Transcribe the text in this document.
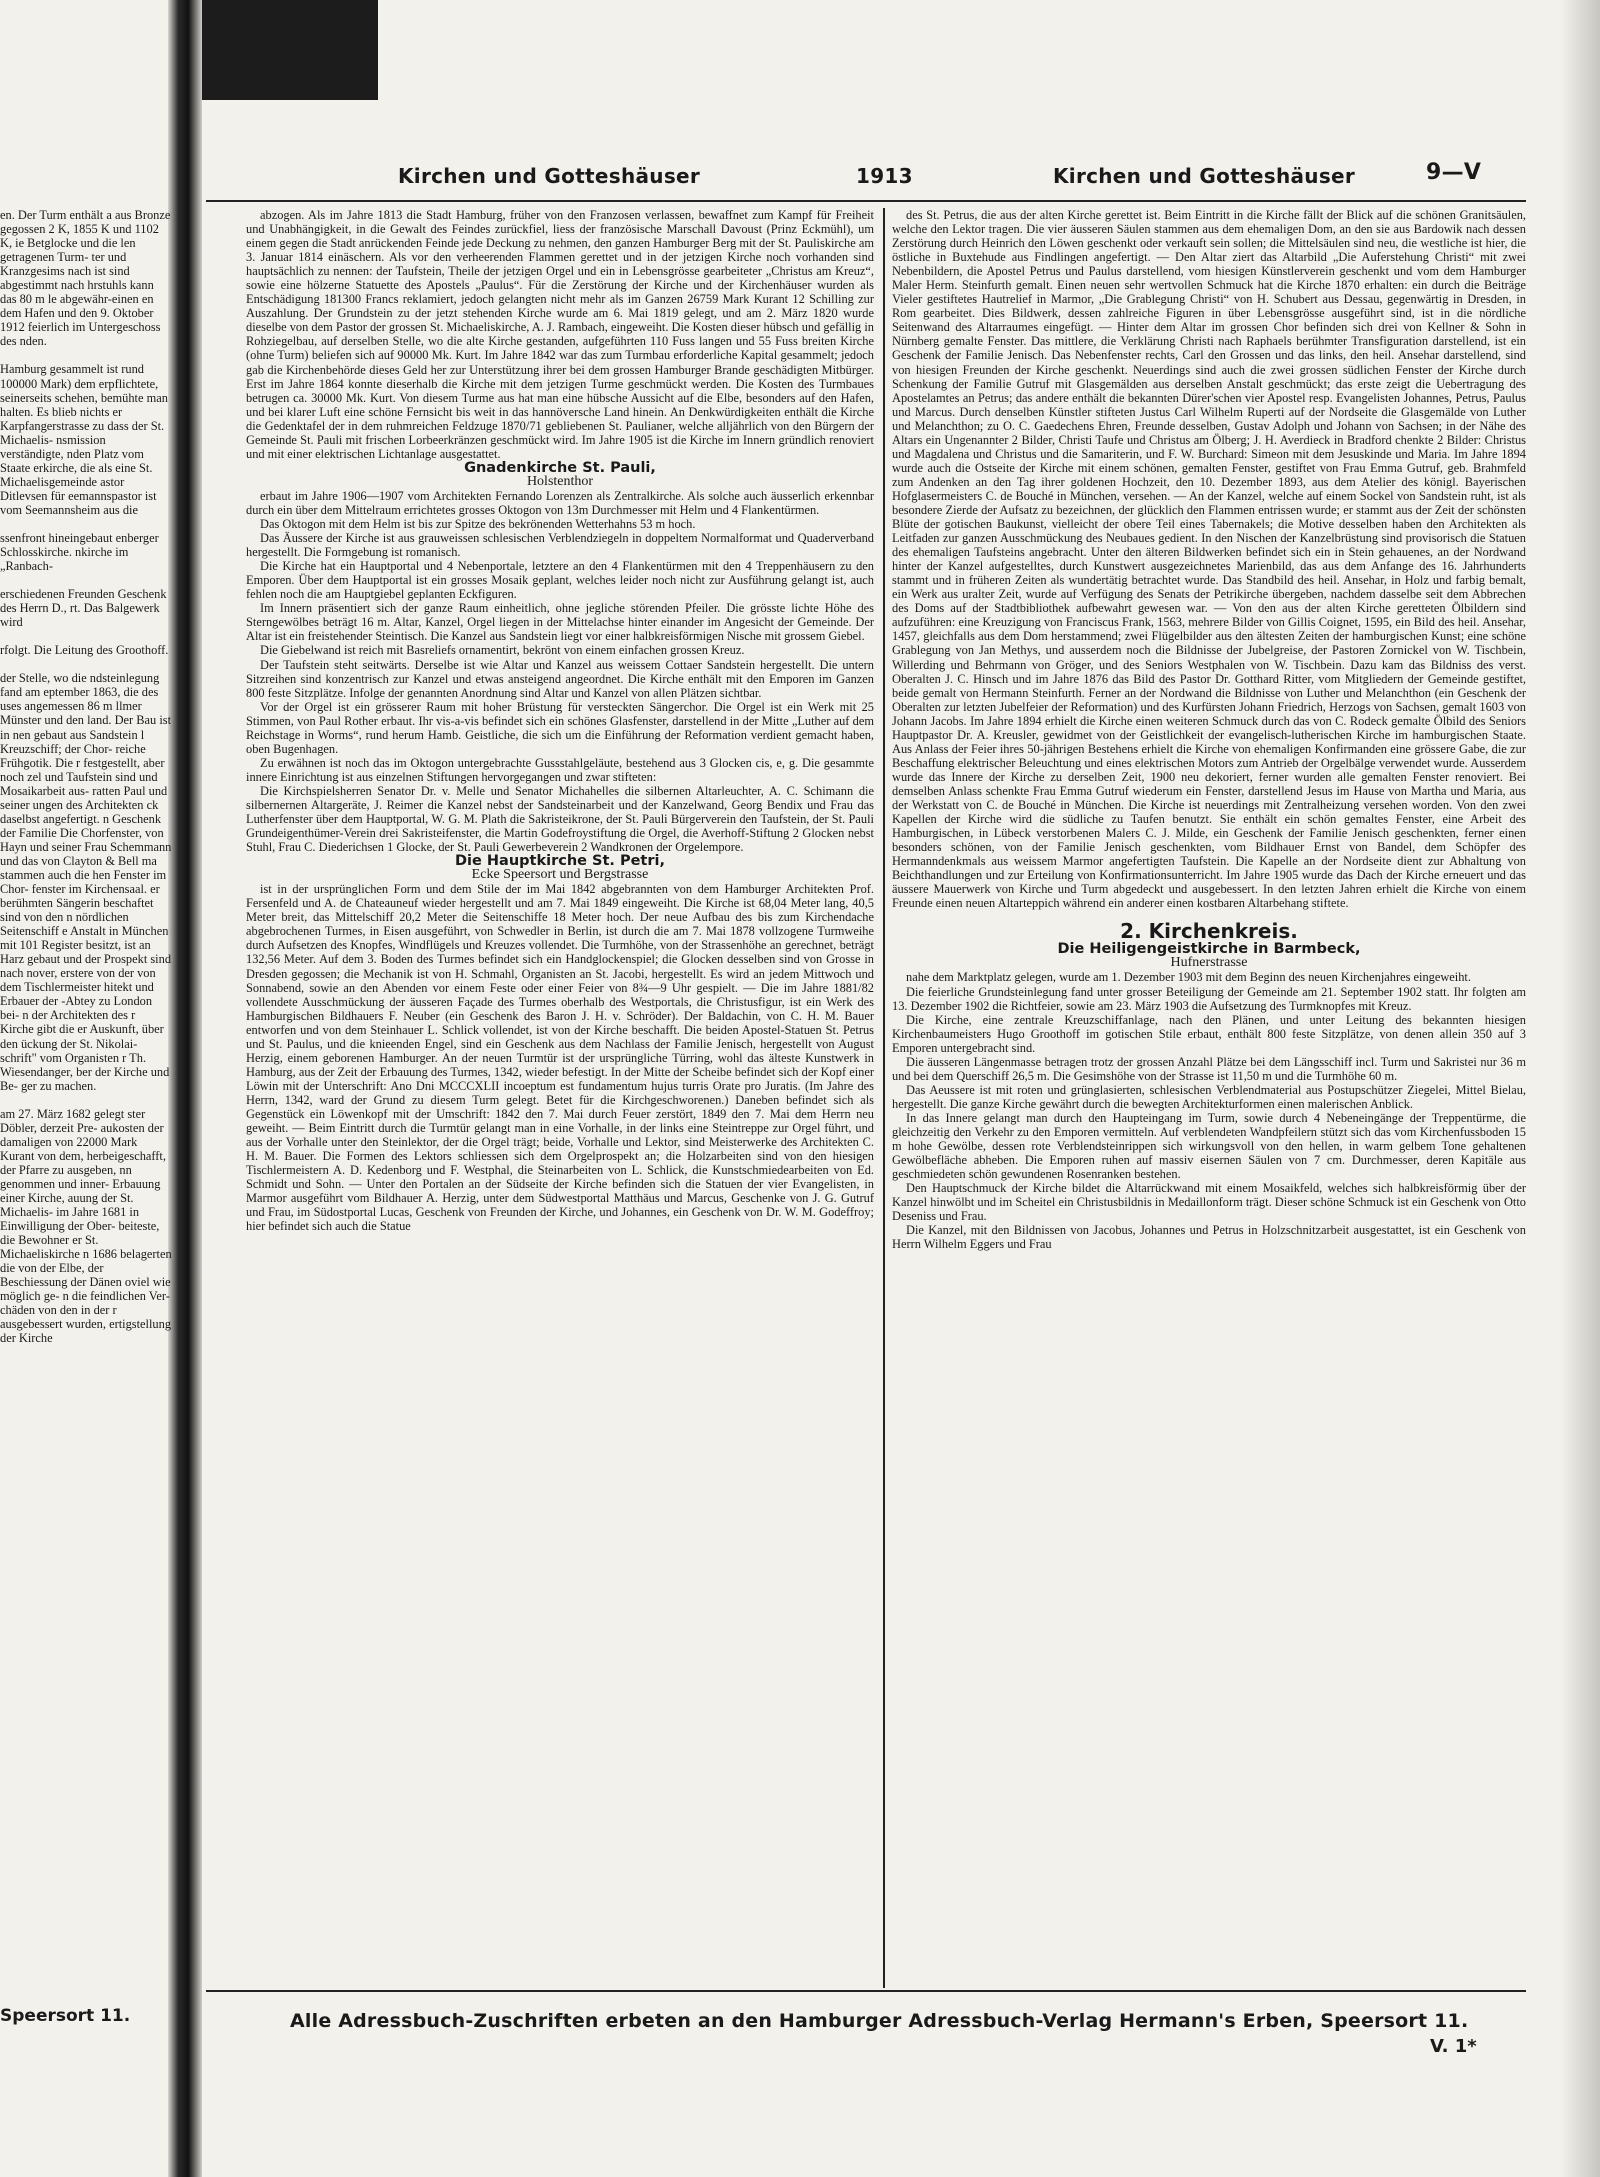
en. Der Turm enthält a aus Bronze gegossen 2 K, 1855 K und 1102 K, ie Betglocke und die len getragenen Turm- ter und Kranzgesims nach ist sind abgestimmt nach hrstuhls kann das 80 m le abgewähr-einen en dem Hafen und den 9. Oktober 1912 feierlich im Untergeschoss des nden.

Hamburg gesammelt ist rund 100000 Mark) dem erpflichtete, seinerseits schehen, bemühte man halten. Es blieb nichts er Karpfangerstrasse zu dass der St. Michaelis- nsmission verständigte, nden Platz vom Staate erkirche, die als eine St. Michaelisgemeinde astor Ditlevsen für eemannspastor ist vom Seemannsheim aus die

ssenfront hineingebaut enberger Schlosskirche. nkirche im „Ranbach-

erschiedenen Freunden Geschenk des Herrn D., rt. Das Balgewerk wird

rfolgt. Die Leitung des Groothoff.

der Stelle, wo die ndsteinlegung fand am eptember 1863, die des uses angemessen 86 m llmer Münster und den land. Der Bau ist in nen gebaut aus Sandstein l Kreuzschiff; der Chor- reiche Frühgotik. Die r festgestellt, aber noch zel und Taufstein sind und Mosaikarbeit aus- ratten Paul und seiner ungen des Architekten ck daselbst angefertigt. n Geschenk der Familie Die Chorfenster, von Hayn und seiner Frau Schemmann und das von Clayton & Bell ma stammen auch die hen Fenster im Chor- fenster im Kirchensaal. er berühmten Sängerin beschaftet sind von den n nördlichen Seitenschiff e Anstalt in München mit 101 Register besitzt, ist an Harz gebaut und der Prospekt sind nach nover, erstere von der von dem Tischlermeister hitekt und Erbauer der -Abtey zu London bei- n der Architekten des r Kirche gibt die er Auskunft, über den ückung der St. Nikolai- schrift" vom Organisten r Th. Wiesendanger, ber der Kirche und Be- ger zu machen.

am 27. März 1682 gelegt ster Döbler, derzeit Pre- aukosten der damaligen von 22000 Mark Kurant von dem, herbeigeschafft, der Pfarre zu ausgeben, nn genommen und inner- Erbauung einer Kirche, auung der St. Michaelis- im Jahre 1681 in Einwilligung der Ober- beiteste, die Bewohner er St. Michaeliskirche n 1686 belagerten die von der Elbe, der Beschiessung der Dänen oviel wie möglich ge- n die feindlichen Ver- chäden von den in der r ausgebessert wurden, ertigstellung der Kirche

Speersort 11.
Kirchen und Gotteshäuser	1913	Kirchen und Gotteshäuser	9—V

abzogen. Als im Jahre 1813 die Stadt Hamburg, früher von den Franzosen verlassen, bewaffnet zum Kampf für Freiheit und Unabhängigkeit, in die Gewalt des Feindes zurückfiel, liess der französische Marschall Davoust (Prinz Eckmühl), um einem gegen die Stadt anrückenden Feinde jede Deckung zu nehmen, den ganzen Hamburger Berg mit der St. Pauliskirche am 3. Januar 1814 einäschern. Als vor den verheerenden Flammen gerettet und in der jetzigen Kirche noch vorhanden sind hauptsächlich zu nennen: der Taufstein, Theile der jetzigen Orgel und ein in Lebensgrösse gearbeiteter „Christus am Kreuz“, sowie eine hölzerne Statuette des Apostels „Paulus“. Für die Zerstörung der Kirche und der Kirchenhäuser wurden als Entschädigung 181300 Francs reklamiert, jedoch gelangten nicht mehr als im Ganzen 26759 Mark Kurant 12 Schilling zur Auszahlung. Der Grundstein zu der jetzt stehenden Kirche wurde am 6. Mai 1819 gelegt, und am 2. März 1820 wurde dieselbe von dem Pastor der grossen St. Michaeliskirche, A. J. Rambach, eingeweiht. Die Kosten dieser hübsch und gefällig in Rohziegelbau, auf derselben Stelle, wo die alte Kirche gestanden, aufgeführten 110 Fuss langen und 55 Fuss breiten Kirche (ohne Turm) beliefen sich auf 90000 Mk. Kurt. Im Jahre 1842 war das zum Turmbau erforderliche Kapital gesammelt; jedoch gab die Kirchenbehörde dieses Geld her zur Unterstützung ihrer bei dem grossen Hamburger Brande geschädigten Mitbürger. Erst im Jahre 1864 konnte dieserhalb die Kirche mit dem jetzigen Turme geschmückt werden. Die Kosten des Turmbaues betrugen ca. 30000 Mk. Kurt. Von diesem Turme aus hat man eine hübsche Aussicht auf die Elbe, besonders auf den Hafen, und bei klarer Luft eine schöne Fernsicht bis weit in das hannöversche Land hinein. An Denkwürdigkeiten enthält die Kirche die Gedenktafel der in dem ruhmreichen Feldzuge 1870/71 gebliebenen St. Paulianer, welche alljährlich von den Bürgern der Gemeinde St. Pauli mit frischen Lorbeerkränzen geschmückt wird. Im Jahre 1905 ist die Kirche im Innern gründlich renoviert und mit einer elektrischen Lichtanlage ausgestattet.

Gnadenkirche St. Pauli,

Holstenthor

erbaut im Jahre 1906—1907 vom Architekten Fernando Lorenzen als Zentralkirche. Als solche auch äusserlich erkennbar durch ein über dem Mittelraum errichtetes grosses Oktogon von 13m Durchmesser mit Helm und 4 Flankentürmen.

Das Oktogon mit dem Helm ist bis zur Spitze des bekrönenden Wetterhahns 53 m hoch.

Das Äussere der Kirche ist aus grauweissen schlesischen Verblendziegeln in doppeltem Normalformat und Quaderverband hergestellt. Die Formgebung ist romanisch.

Die Kirche hat ein Hauptportal und 4 Nebenportale, letztere an den 4 Flankentürmen mit den 4 Treppenhäusern zu den Emporen. Über dem Hauptportal ist ein grosses Mosaik geplant, welches leider noch nicht zur Ausführung gelangt ist, auch fehlen noch die am Hauptgiebel geplanten Eckfiguren.

Im Innern präsentiert sich der ganze Raum einheitlich, ohne jegliche störenden Pfeiler. Die grösste lichte Höhe des Sterngewölbes beträgt 16 m. Altar, Kanzel, Orgel liegen in der Mittelachse hinter einander im Angesicht der Gemeinde. Der Altar ist ein freistehender Steintisch. Die Kanzel aus Sandstein liegt vor einer halbkreisförmigen Nische mit grossem Giebel.

Die Giebelwand ist reich mit Basreliefs ornamentirt, bekrönt von einem einfachen grossen Kreuz.

Der Taufstein steht seitwärts. Derselbe ist wie Altar und Kanzel aus weissem Cottaer Sandstein hergestellt. Die untern Sitzreihen sind konzentrisch zur Kanzel und etwas ansteigend angeordnet. Die Kirche enthält mit den Emporen im Ganzen 800 feste Sitzplätze. Infolge der genannten Anordnung sind Altar und Kanzel von allen Plätzen sichtbar.

Vor der Orgel ist ein grösserer Raum mit hoher Brüstung für versteckten Sängerchor. Die Orgel ist ein Werk mit 25 Stimmen, von Paul Rother erbaut. Ihr vis-a-vis befindet sich ein schönes Glasfenster, darstellend in der Mitte „Luther auf dem Reichstage in Worms“, rund herum Hamb. Geistliche, die sich um die Einführung der Reformation verdient gemacht haben, oben Bugenhagen.

Zu erwähnen ist noch das im Oktogon untergebrachte Gussstahlgeläute, bestehend aus 3 Glocken cis, e, g. Die gesammte innere Einrichtung ist aus einzelnen Stiftungen hervorgegangen und zwar stifteten:

Die Kirchspielsherren Senator Dr. v. Melle und Senator Michahelles die silbernen Altarleuchter, A. C. Schimann die silbernernen Altargeräte, J. Reimer die Kanzel nebst der Sandsteinarbeit und der Kanzelwand, Georg Bendix und Frau das Lutherfenster über dem Hauptportal, W. G. M. Plath die Sakristeikrone, der St. Pauli Bürgerverein den Taufstein, der St. Pauli Grundeigenthümer-Verein drei Sakristeifenster, die Martin Godefroystiftung die Orgel, die Averhoff-Stiftung 2 Glocken nebst Stuhl, Frau C. Diederichsen 1 Glocke, der St. Pauli Gewerbeverein 2 Wandkronen der Orgelempore.

Die Hauptkirche St. Petri,

Ecke Speersort und Bergstrasse

ist in der ursprünglichen Form und dem Stile der im Mai 1842 abgebrannten von dem Hamburger Architekten Prof. Fersenfeld und A. de Chateauneuf wieder hergestellt und am 7. Mai 1849 eingeweiht. Die Kirche ist 68,04 Meter lang, 40,5 Meter breit, das Mittelschiff 20,2 Meter die Seitenschiffe 18 Meter hoch. Der neue Aufbau des bis zum Kirchendache abgebrochenen Turmes, in Eisen ausgeführt, von Schwedler in Berlin, ist durch die am 7. Mai 1878 vollzogene Turmweihe durch Aufsetzen des Knopfes, Windflügels und Kreuzes vollendet. Die Turmhöhe, von der Strassenhöhe an gerechnet, beträgt 132,56 Meter. Auf dem 3. Boden des Turmes befindet sich ein Handglockenspiel; die Glocken desselben sind von Grosse in Dresden gegossen; die Mechanik ist von H. Schmahl, Organisten an St. Jacobi, hergestellt. Es wird an jedem Mittwoch und Sonnabend, sowie an den Abenden vor einem Feste oder einer Feier von 8¾—9 Uhr gespielt. — Die im Jahre 1881/82 vollendete Ausschmückung der äusseren Façade des Turmes oberhalb des Westportals, die Christusfigur, ist ein Werk des Hamburgischen Bildhauers F. Neuber (ein Geschenk des Baron J. H. v. Schröder). Der Baldachin, von C. H. M. Bauer entworfen und von dem Steinhauer L. Schlick vollendet, ist von der Kirche beschafft. Die beiden Apostel-Statuen St. Petrus und St. Paulus, und die knieenden Engel, sind ein Geschenk aus dem Nachlass der Familie Jenisch, hergestellt von August Herzig, einem geborenen Hamburger. An der neuen Turmtür ist der ursprüngliche Türring, wohl das älteste Kunstwerk in Hamburg, aus der Zeit der Erbauung des Turmes, 1342, wieder befestigt. In der Mitte der Scheibe befindet sich der Kopf einer Löwin mit der Unterschrift: Ano Dni MCCCXLII incoeptum est fundamentum hujus turris Orate pro Juratis. (Im Jahre des Herrn, 1342, ward der Grund zu diesem Turm gelegt. Betet für die Kirchgeschworenen.) Daneben befindet sich als Gegenstück ein Löwenkopf mit der Umschrift: 1842 den 7. Mai durch Feuer zerstört, 1849 den 7. Mai dem Herrn neu geweiht. — Beim Eintritt durch die Turmtür gelangt man in eine Vorhalle, in der links eine Steintreppe zur Orgel führt, und aus der Vorhalle unter den Steinlektor, der die Orgel trägt; beide, Vorhalle und Lektor, sind Meisterwerke des Architekten C. H. M. Bauer. Die Formen des Lektors schliessen sich dem Orgelprospekt an; die Holzarbeiten sind von den hiesigen Tischlermeistern A. D. Kedenborg und F. Westphal, die Steinarbeiten von L. Schlick, die Kunstschmiedearbeiten von Ed. Schmidt und Sohn. — Unter den Portalen an der Südseite der Kirche befinden sich die Statuen der vier Evangelisten, in Marmor ausgeführt vom Bildhauer A. Herzig, unter dem Südwestportal Matthäus und Marcus, Geschenke von J. G. Gutruf und Frau, im Südostportal Lucas, Geschenk von Freunden der Kirche, und Johannes, ein Geschenk von Dr. W. M. Godeffroy; hier befindet sich auch die Statue

des St. Petrus, die aus der alten Kirche gerettet ist. Beim Eintritt in die Kirche fällt der Blick auf die schönen Granitsäulen, welche den Lektor tragen. Die vier äusseren Säulen stammen aus dem ehemaligen Dom, an den sie aus Bardowik nach dessen Zerstörung durch Heinrich den Löwen geschenkt oder verkauft sein sollen; die Mittelsäulen sind neu, die westliche ist hier, die östliche in Buxtehude aus Findlingen angefertigt. — Den Altar ziert das Altarbild „Die Auferstehung Christi“ mit zwei Nebenbildern, die Apostel Petrus und Paulus darstellend, vom hiesigen Künstlerverein geschenkt und vom dem Hamburger Maler Herm. Steinfurth gemalt. Einen neuen sehr wertvollen Schmuck hat die Kirche 1870 erhalten: ein durch die Beiträge Vieler gestiftetes Hautrelief in Marmor, „Die Grablegung Christi“ von H. Schubert aus Dessau, gegenwärtig in Dresden, in Rom gearbeitet. Dies Bildwerk, dessen zahlreiche Figuren in über Lebensgrösse ausgeführt sind, ist in die nördliche Seitenwand des Altarraumes eingefügt. — Hinter dem Altar im grossen Chor befinden sich drei von Kellner & Sohn in Nürnberg gemalte Fenster. Das mittlere, die Verklärung Christi nach Raphaels berühmter Transfiguration darstellend, ist ein Geschenk der Familie Jenisch. Das Nebenfenster rechts, Carl den Grossen und das links, den heil. Ansehar darstellend, sind von hiesigen Freunden der Kirche geschenkt. Neuerdings sind auch die zwei grossen südlichen Fenster der Kirche durch Schenkung der Familie Gutruf mit Glasgemälden aus derselben Anstalt geschmückt; das erste zeigt die Uebertragung des Apostelamtes an Petrus; das andere enthält die bekannten Dürer'schen vier Apostel resp. Evangelisten Johannes, Petrus, Paulus und Marcus. Durch denselben Künstler stifteten Justus Carl Wilhelm Ruperti auf der Nordseite die Glasgemälde von Luther und Melanchthon; zu O. C. Gaedechens Ehren, Freunde desselben, Gustav Adolph und Johann von Sachsen; in der Nähe des Altars ein Ungenannter 2 Bilder, Christi Taufe und Christus am Ölberg; J. H. Averdieck in Bradford chenkte 2 Bilder: Christus und Magdalena und Christus und die Samariterin, und F. W. Burchard: Simeon mit dem Jesuskinde und Maria. Im Jahre 1894 wurde auch die Ostseite der Kirche mit einem schönen, gemalten Fenster, gestiftet von Frau Emma Gutruf, geb. Brahmfeld zum Andenken an den Tag ihrer goldenen Hochzeit, den 10. Dezember 1893, aus dem Atelier des königl. Bayerischen Hofglasermeisters C. de Bouché in München, versehen. — An der Kanzel, welche auf einem Sockel von Sandstein ruht, ist als besondere Zierde der Aufsatz zu bezeichnen, der glücklich den Flammen entrissen wurde; er stammt aus der Zeit der schönsten Blüte der gotischen Baukunst, vielleicht der obere Teil eines Tabernakels; die Motive desselben haben den Architekten als Leitfaden zur ganzen Ausschmückung des Neubaues gedient. In den Nischen der Kanzelbrüstung sind provisorisch die Statuen des ehemaligen Taufsteins angebracht. Unter den älteren Bildwerken befindet sich ein in Stein gehauenes, an der Nordwand hinter der Kanzel aufgestelltes, durch Kunstwert ausgezeichnetes Marienbild, das aus dem Anfange des 16. Jahrhunderts stammt und in früheren Zeiten als wundertätig betrachtet wurde. Das Standbild des heil. Ansehar, in Holz und farbig bemalt, ein Werk aus uralter Zeit, wurde auf Verfügung des Senats der Petrikirche übergeben, nachdem dasselbe seit dem Abbrechen des Doms auf der Stadtbibliothek aufbewahrt gewesen war. — Von den aus der alten Kirche geretteten Ölbildern sind aufzuführen: eine Kreuzigung von Franciscus Frank, 1563, mehrere Bilder von Gillis Coignet, 1595, ein Bild des heil. Ansehar, 1457, gleichfalls aus dem Dom herstammend; zwei Flügelbilder aus den ältesten Zeiten der hamburgischen Kunst; eine schöne Grablegung von Jan Methys, und ausserdem noch die Bildnisse der Jubelgreise, der Pastoren Zornickel von W. Tischbein, Willerding und Behrmann von Gröger, und des Seniors Westphalen von W. Tischbein. Dazu kam das Bildniss des verst. Oberalten J. C. Hinsch und im Jahre 1876 das Bild des Pastor Dr. Gotthard Ritter, vom Mitgliedern der Gemeinde gestiftet, beide gemalt von Hermann Steinfurth. Ferner an der Nordwand die Bildnisse von Luther und Melanchthon (ein Geschenk der Oberalten zur letzten Jubelfeier der Reformation) und des Kurfürsten Johann Friedrich, Herzogs von Sachsen, gemalt 1603 von Johann Jacobs. Im Jahre 1894 erhielt die Kirche einen weiteren Schmuck durch das von C. Rodeck gemalte Ölbild des Seniors Hauptpastor Dr. A. Kreusler, gewidmet von der Geistlichkeit der evangelisch-lutherischen Kirche im hamburgischen Staate. Aus Anlass der Feier ihres 50-jährigen Bestehens erhielt die Kirche von ehemaligen Konfirmanden eine grössere Gabe, die zur Beschaffung elektrischer Beleuchtung und eines elektrischen Motors zum Antrieb der Orgelbälge verwendet wurde. Ausserdem wurde das Innere der Kirche zu derselben Zeit, 1900 neu dekoriert, ferner wurden alle gemalten Fenster renoviert. Bei demselben Anlass schenkte Frau Emma Gutruf wiederum ein Fenster, darstellend Jesus im Hause von Martha und Maria, aus der Werkstatt von C. de Bouché in München. Die Kirche ist neuerdings mit Zentralheizung versehen worden. Von den zwei Kapellen der Kirche wird die südliche zu Taufen benutzt. Sie enthält ein schön gemaltes Fenster, eine Arbeit des Hamburgischen, in Lübeck verstorbenen Malers C. J. Milde, ein Geschenk der Familie Jenisch geschenkten, ferner einen besonders schönen, von der Familie Jenisch geschenkten, vom Bildhauer Ernst von Bandel, dem Schöpfer des Hermanndenkmals aus weissem Marmor angefertigten Taufstein. Die Kapelle an der Nordseite dient zur Abhaltung von Beichthandlungen und zur Erteilung von Konfirmationsunterricht. Im Jahre 1905 wurde das Dach der Kirche erneuert und das äussere Mauerwerk von Kirche und Turm abgedeckt und ausgebessert. In den letzten Jahren erhielt die Kirche von einem Freunde einen neuen Altarteppich während ein anderer einen kostbaren Altarbehang stiftete.

2. Kirchenkreis.

Die Heiligengeistkirche in Barmbeck,

Hufnerstrasse

nahe dem Marktplatz gelegen, wurde am 1. Dezember 1903 mit dem Beginn des neuen Kirchenjahres eingeweiht.

Die feierliche Grundsteinlegung fand unter grosser Beteiligung der Gemeinde am 21. September 1902 statt. Ihr folgten am 13. Dezember 1902 die Richtfeier, sowie am 23. März 1903 die Aufsetzung des Turmknopfes mit Kreuz.

Die Kirche, eine zentrale Kreuzschiffanlage, nach den Plänen, und unter Leitung des bekannten hiesigen Kirchenbaumeisters Hugo Groothoff im gotischen Stile erbaut, enthält 800 feste Sitzplätze, von denen allein 350 auf 3 Emporen untergebracht sind.

Die äusseren Längenmasse betragen trotz der grossen Anzahl Plätze bei dem Längsschiff incl. Turm und Sakristei nur 36 m und bei dem Querschiff 26,5 m. Die Gesimshöhe von der Strasse ist 11,50 m und die Turmhöhe 60 m.

Das Aeussere ist mit roten und grünglasierten, schlesischen Verblendmaterial aus Postupschützer Ziegelei, Mittel Bielau, hergestellt. Die ganze Kirche gewährt durch die bewegten Architekturformen einen malerischen Anblick.

In das Innere gelangt man durch den Haupteingang im Turm, sowie durch 4 Nebeneingänge der Treppentürme, die gleichzeitig den Verkehr zu den Emporen vermitteln. Auf verblendeten Wandpfeilern stützt sich das vom Kirchenfussboden 15 m hohe Gewölbe, dessen rote Verblendsteinrippen sich wirkungsvoll von den hellen, in warm gelbem Tone gehaltenen Gewölbefläche abheben. Die Emporen ruhen auf massiv eisernen Säulen von 7 cm. Durchmesser, deren Kapitäle aus geschmiedeten schön gewundenen Rosenranken bestehen.

Den Hauptschmuck der Kirche bildet die Altarrückwand mit einem Mosaikfeld, welches sich halbkreisförmig über der Kanzel hinwölbt und im Scheitel ein Christusbildnis in Medaillonform trägt. Dieser schöne Schmuck ist ein Geschenk von Otto Deseniss und Frau.

Die Kanzel, mit den Bildnissen von Jacobus, Johannes und Petrus in Holzschnitzarbeit ausgestattet, ist ein Geschenk von Herrn Wilhelm Eggers und Frau

Alle Adressbuch-Zuschriften erbeten an den Hamburger Adressbuch-Verlag Hermann's Erben, Speersort 11.
V. 1*
